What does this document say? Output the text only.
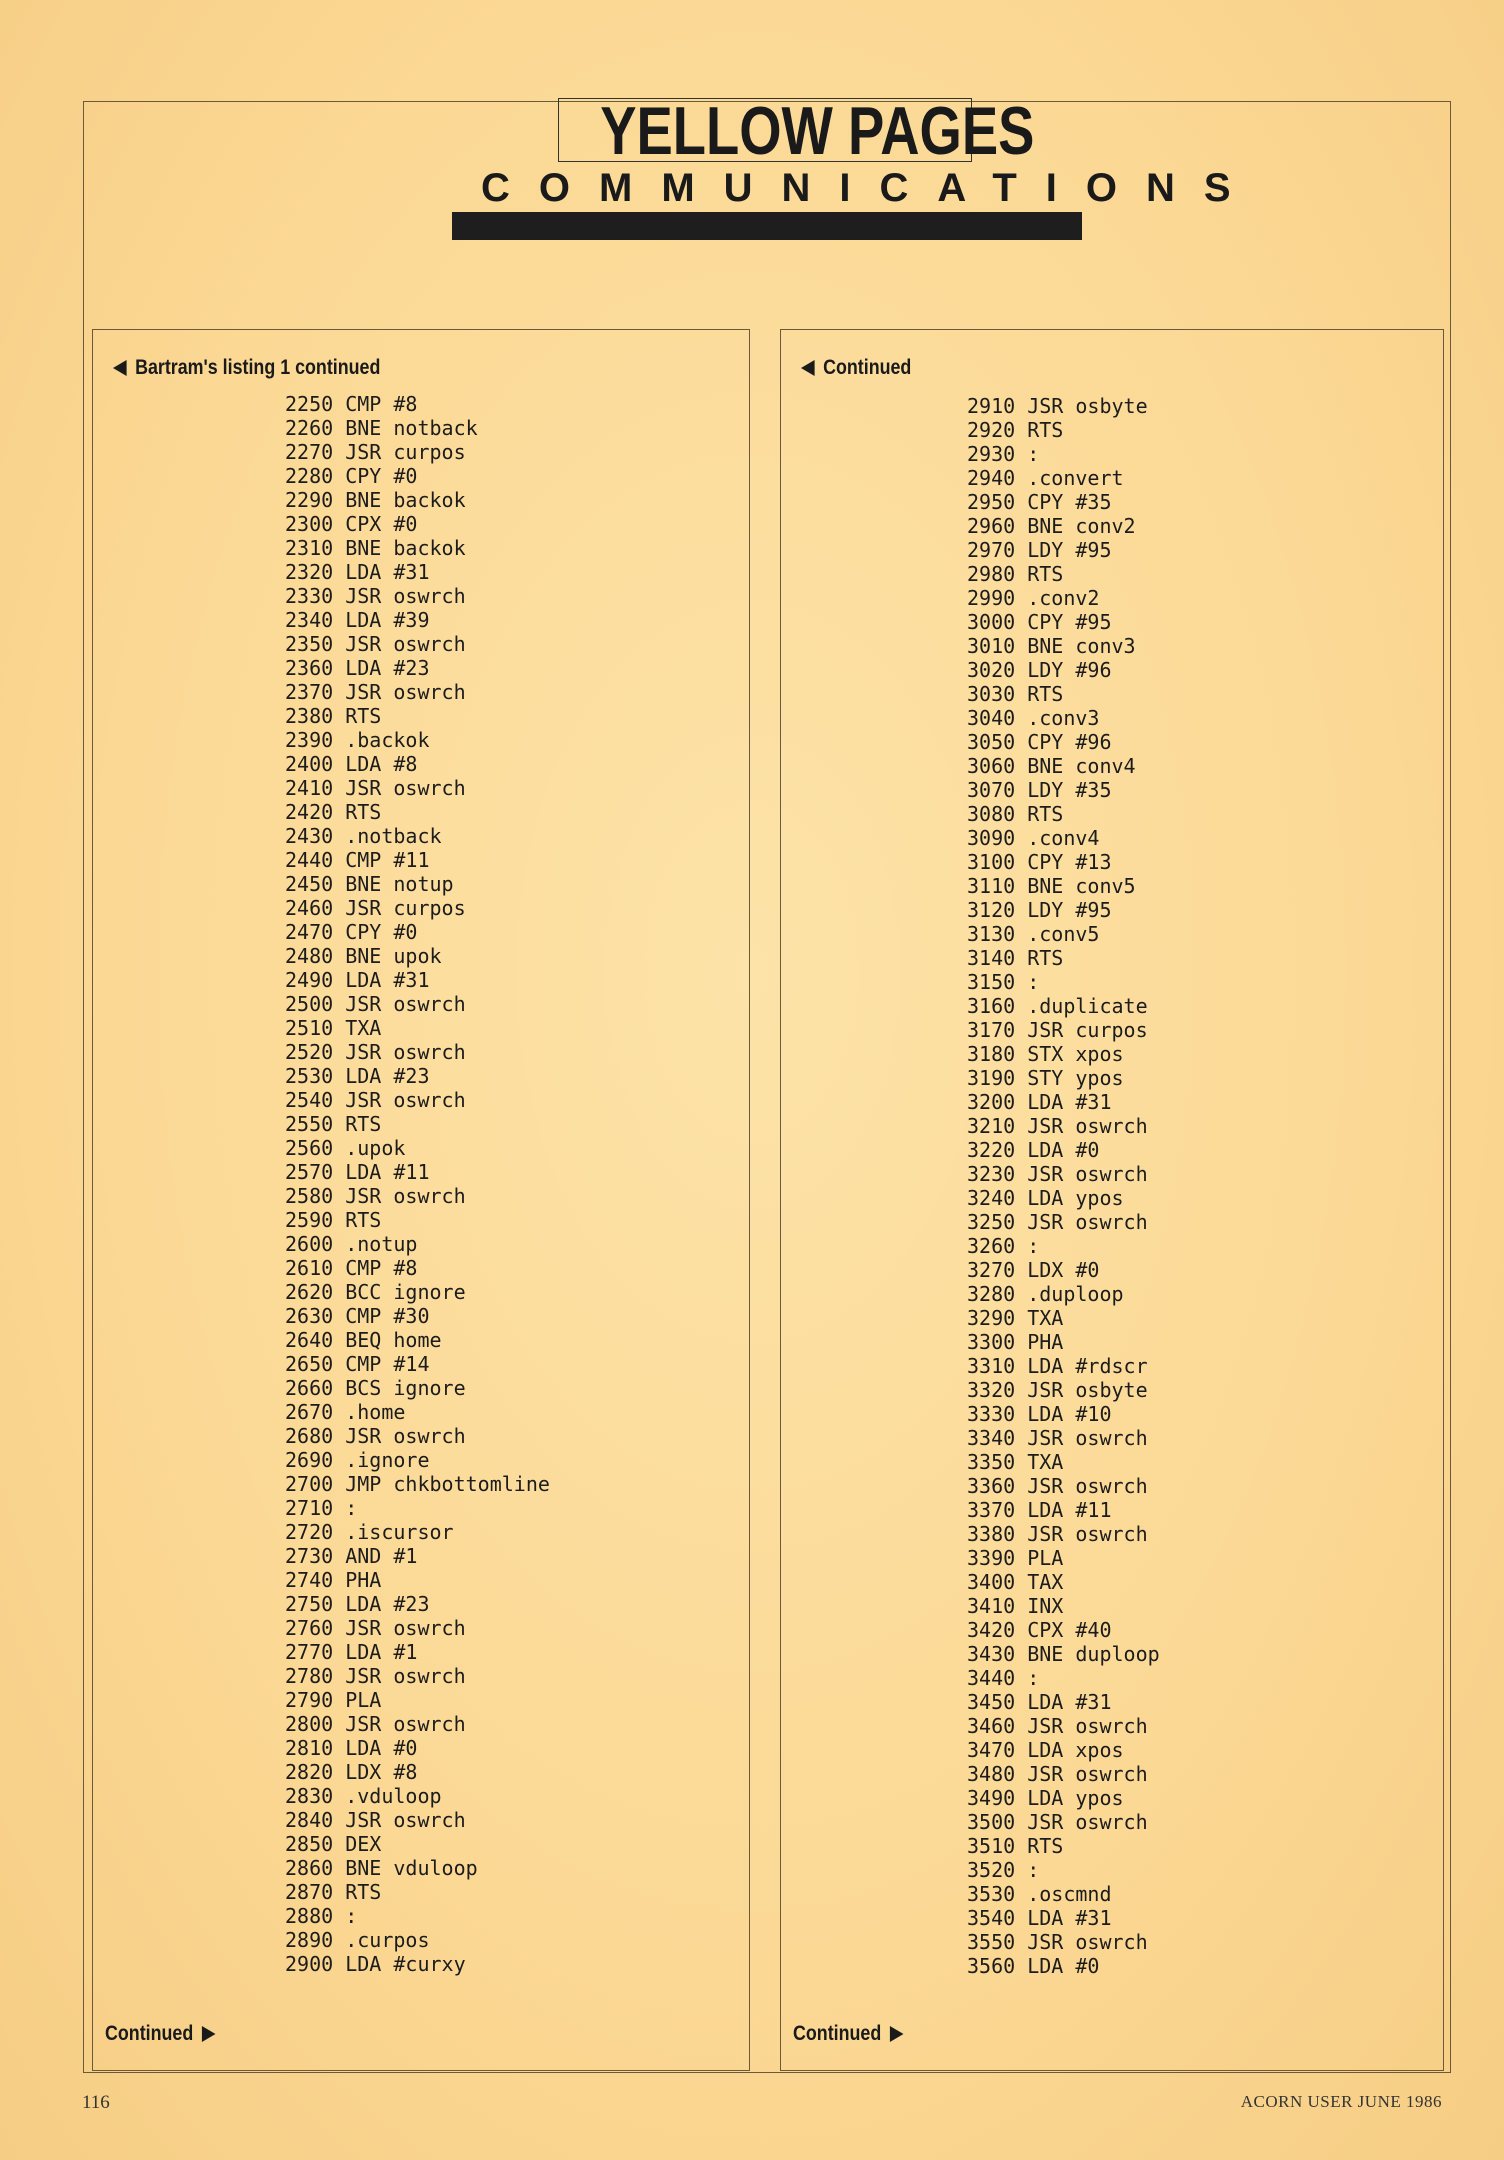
YELLOW PAGES
COMMUNICATIONS
Bartram's listing 1 continued
2250 CMP #8
2260 BNE notback
2270 JSR curpos
2280 CPY #0
2290 BNE backok
2300 CPX #0
2310 BNE backok
2320 LDA #31
2330 JSR oswrch
2340 LDA #39
2350 JSR oswrch
2360 LDA #23
2370 JSR oswrch
2380 RTS
2390 .backok
2400 LDA #8
2410 JSR oswrch
2420 RTS
2430 .notback
2440 CMP #11
2450 BNE notup
2460 JSR curpos
2470 CPY #0
2480 BNE upok
2490 LDA #31
2500 JSR oswrch
2510 TXA
2520 JSR oswrch
2530 LDA #23
2540 JSR oswrch
2550 RTS
2560 .upok
2570 LDA #11
2580 JSR oswrch
2590 RTS
2600 .notup
2610 CMP #8
2620 BCC ignore
2630 CMP #30
2640 BEQ home
2650 CMP #14
2660 BCS ignore
2670 .home
2680 JSR oswrch
2690 .ignore
2700 JMP chkbottomline
2710 :
2720 .iscursor
2730 AND #1
2740 PHA
2750 LDA #23
2760 JSR oswrch
2770 LDA #1
2780 JSR oswrch
2790 PLA
2800 JSR oswrch
2810 LDA #0
2820 LDX #8
2830 .vduloop
2840 JSR oswrch
2850 DEX
2860 BNE vduloop
2870 RTS
2880 :
2890 .curpos
2900 LDA #curxy
Continued
Continued
2910 JSR osbyte
2920 RTS
2930 :
2940 .convert
2950 CPY #35
2960 BNE conv2
2970 LDY #95
2980 RTS
2990 .conv2
3000 CPY #95
3010 BNE conv3
3020 LDY #96
3030 RTS
3040 .conv3
3050 CPY #96
3060 BNE conv4
3070 LDY #35
3080 RTS
3090 .conv4
3100 CPY #13
3110 BNE conv5
3120 LDY #95
3130 .conv5
3140 RTS
3150 :
3160 .duplicate
3170 JSR curpos
3180 STX xpos
3190 STY ypos
3200 LDA #31
3210 JSR oswrch
3220 LDA #0
3230 JSR oswrch
3240 LDA ypos
3250 JSR oswrch
3260 :
3270 LDX #0
3280 .duploop
3290 TXA
3300 PHA
3310 LDA #rdscr
3320 JSR osbyte
3330 LDA #10
3340 JSR oswrch
3350 TXA
3360 JSR oswrch
3370 LDA #11
3380 JSR oswrch
3390 PLA
3400 TAX
3410 INX
3420 CPX #40
3430 BNE duploop
3440 :
3450 LDA #31
3460 JSR oswrch
3470 LDA xpos
3480 JSR oswrch
3490 LDA ypos
3500 JSR oswrch
3510 RTS
3520 :
3530 .oscmnd
3540 LDA #31
3550 JSR oswrch
3560 LDA #0
Continued
116	ACORN USER JUNE 1986
